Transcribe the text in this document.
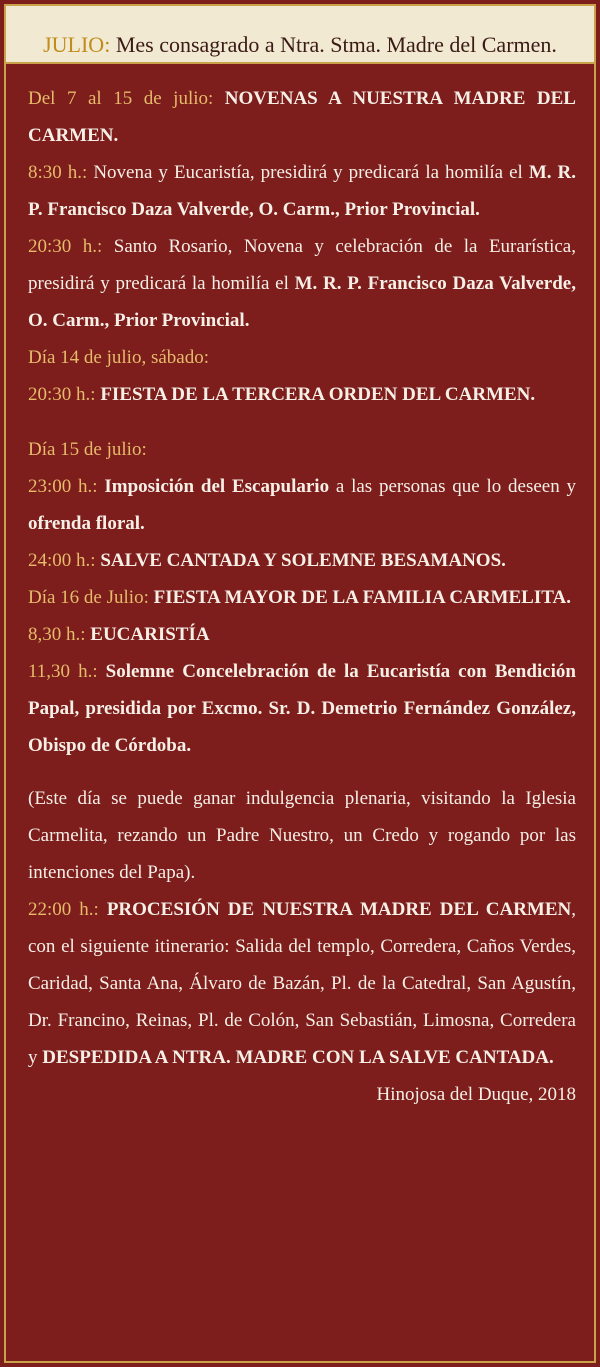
JULIO: Mes consagrado a Ntra. Stma. Madre del Carmen.

Del 7 al 15 de julio: NOVENAS A NUESTRA MADRE DEL CARMEN.

8:30 h.: Novena y Eucaristía, presidirá y predicará la homilía el M. R. P. Francisco Daza Valverde, O. Carm., Prior Provincial.

20:30 h.: Santo Rosario, Novena y celebración de la Eurarística, presidirá y predicará la homilía el M. R. P. Francisco Daza Valverde, O. Carm., Prior Provincial.

Día 14 de julio, sábado:

20:30 h.: FIESTA DE LA TERCERA ORDEN DEL CARMEN.

Día 15 de julio:

23:00 h.: Imposición del Escapulario a las personas que lo deseen y ofrenda floral.

24:00 h.: SALVE CANTADA Y SOLEMNE BESAMANOS.

Día 16 de Julio: FIESTA MAYOR DE LA FAMILIA CARMELITA.

8,30 h.: EUCARISTÍA

11,30 h.: Solemne Concelebración de la Eucaristía con Bendición Papal, presidida por Excmo. Sr. D. Demetrio Fernández González, Obispo de Córdoba.

(Este día se puede ganar indulgencia plenaria, visitando la Iglesia Carmelita, rezando un Padre Nuestro, un Credo y rogando por las intenciones del Papa).

22:00 h.: PROCESIÓN DE NUESTRA MADRE DEL CARMEN, con el siguiente itinerario: Salida del templo, Corredera, Caños Verdes, Caridad, Santa Ana, Álvaro de Bazán, Pl. de la Catedral, San Agustín, Dr. Francino, Reinas, Pl. de Colón, San Sebastián, Limosna, Corredera y DESPEDIDA A NTRA. MADRE CON LA SALVE CANTADA.

Hinojosa del Duque, 2018
